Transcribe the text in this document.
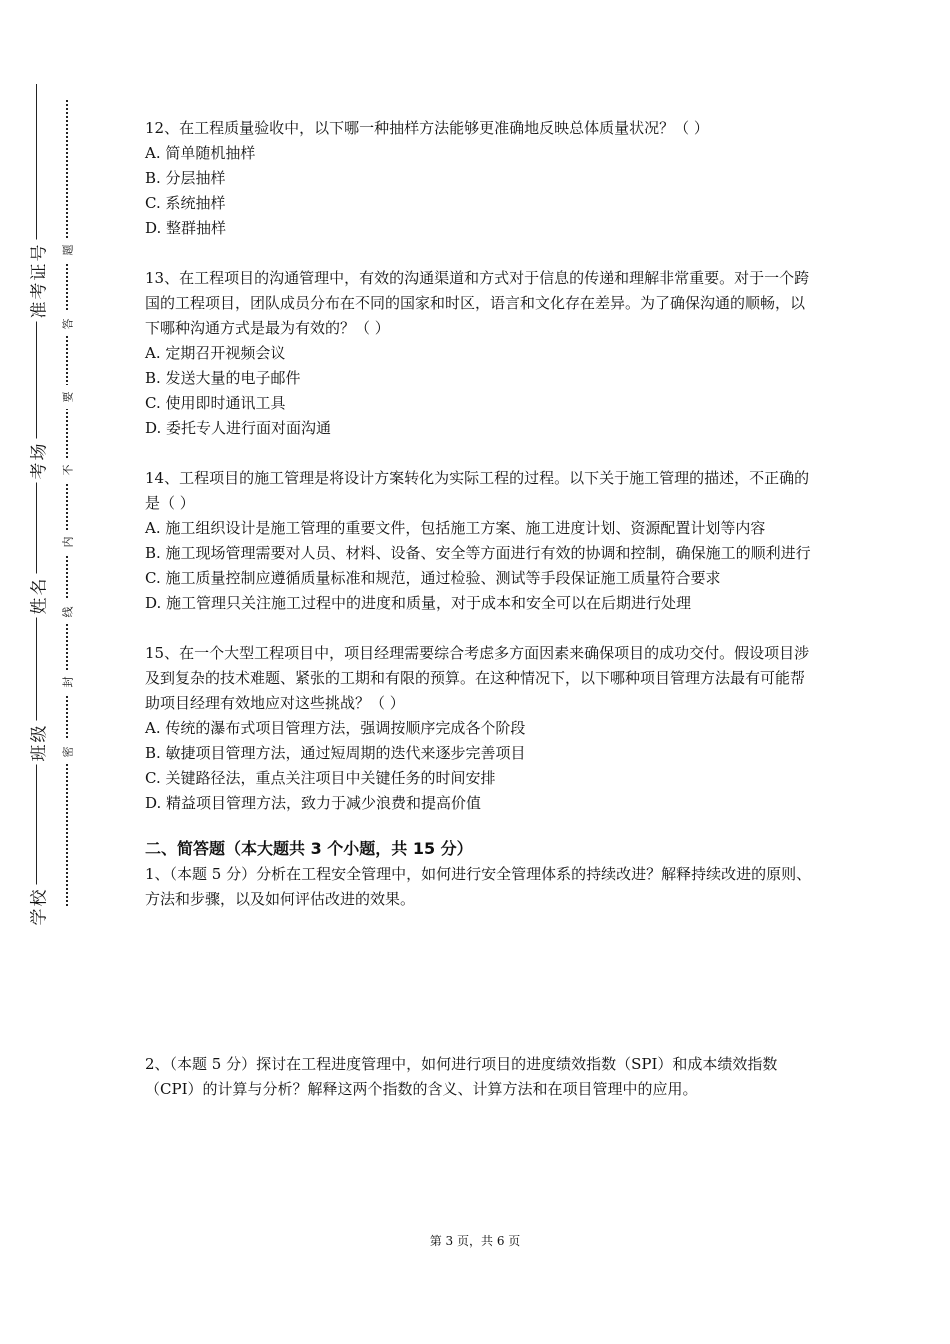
准考证号
考场
姓名
班级
学校
题
答
要
不
内
线
封
密

12、在工程质量验收中，以下哪一种抽样方法能够更准确地反映总体质量状况？（ ）

A. 简单随机抽样

B. 分层抽样

C. 系统抽样

D. 整群抽样

13、在工程项目的沟通管理中，有效的沟通渠道和方式对于信息的传递和理解非常重要。对于一个跨国的工程项目，团队成员分布在不同的国家和时区，语言和文化存在差异。为了确保沟通的顺畅，以下哪种沟通方式是最为有效的？（ ）

A. 定期召开视频会议

B. 发送大量的电子邮件

C. 使用即时通讯工具

D. 委托专人进行面对面沟通

14、工程项目的施工管理是将设计方案转化为实际工程的过程。以下关于施工管理的描述，不正确的是（ ）

A. 施工组织设计是施工管理的重要文件，包括施工方案、施工进度计划、资源配置计划等内容

B. 施工现场管理需要对人员、材料、设备、安全等方面进行有效的协调和控制，确保施工的顺利进行

C. 施工质量控制应遵循质量标准和规范，通过检验、测试等手段保证施工质量符合要求

D. 施工管理只关注施工过程中的进度和质量，对于成本和安全可以在后期进行处理

15、在一个大型工程项目中，项目经理需要综合考虑多方面因素来确保项目的成功交付。假设项目涉及到复杂的技术难题、紧张的工期和有限的预算。在这种情况下，以下哪种项目管理方法最有可能帮助项目经理有效地应对这些挑战？（ ）

A. 传统的瀑布式项目管理方法，强调按顺序完成各个阶段

B. 敏捷项目管理方法，通过短周期的迭代来逐步完善项目

C. 关键路径法，重点关注项目中关键任务的时间安排

D. 精益项目管理方法，致力于减少浪费和提高价值

二、简答题（本大题共 3 个小题，共 15 分）

1、（本题 5 分）分析在工程安全管理中，如何进行安全管理体系的持续改进？解释持续改进的原则、方法和步骤，以及如何评估改进的效果。

2、（本题 5 分）探讨在工程进度管理中，如何进行项目的进度绩效指数（SPI）和成本绩效指数（CPI）的计算与分析？解释这两个指数的含义、计算方法和在项目管理中的应用。

第 3 页，共 6 页
